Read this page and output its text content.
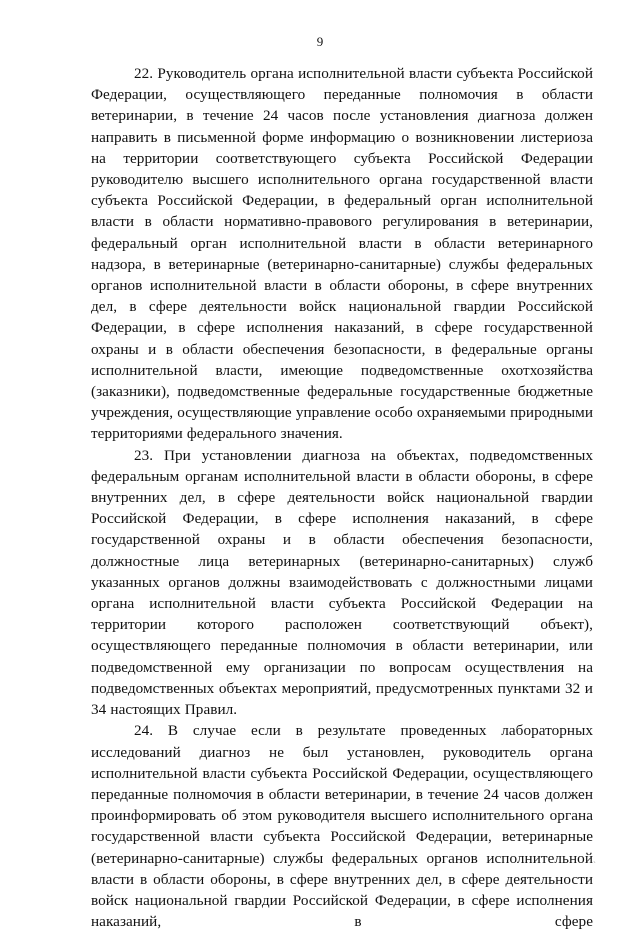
9

22. Руководитель органа исполнительной власти субъекта Российской Федерации, осуществляющего переданные полномочия в области ветеринарии, в течение 24 часов после установления диагноза должен направить в письменной форме информацию о возникновении листериоза на территории соответствующего субъекта Российской Федерации руководителю высшего исполнительного органа государственной власти субъекта Российской Федерации, в федеральный орган исполнительной власти в области нормативно-правового регулирования в ветеринарии, федеральный орган исполнительной власти в области ветеринарного надзора, в ветеринарные (ветеринарно-санитарные) службы федеральных органов исполнительной власти в области обороны, в сфере внутренних дел, в сфере деятельности войск национальной гвардии Российской Федерации, в сфере исполнения наказаний, в сфере государственной охраны и в области обеспечения безопасности, в федеральные органы исполнительной власти, имеющие подведомственные охотхозяйства (заказники), подведомственные федеральные государственные бюджетные учреждения, осуществляющие управление особо охраняемыми природными территориями федерального значения.

23. При установлении диагноза на объектах, подведомственных федеральным органам исполнительной власти в области обороны, в сфере внутренних дел, в сфере деятельности войск национальной гвардии Российской Федерации, в сфере исполнения наказаний, в сфере государственной охраны и в области обеспечения безопасности, должностные лица ветеринарных (ветеринарно-санитарных) служб указанных органов должны взаимодействовать с должностными лицами органа исполнительной власти субъекта Российской Федерации на территории которого расположен соответствующий объект), осуществляющего переданные полномочия в области ветеринарии, или подведомственной ему организации по вопросам осуществления на подведомственных объектах мероприятий, предусмотренных пунктами 32 и 34 настоящих Правил.

24. В случае если в результате проведенных лабораторных исследований диагноз не был установлен, руководитель органа исполнительной власти субъекта Российской Федерации, осуществляющего переданные полномочия в области ветеринарии, в течение 24 часов должен проинформировать об этом руководителя высшего исполнительного органа государственной власти субъекта Российской Федерации, ветеринарные (ветеринарно-санитарные) службы федеральных органов исполнительной власти в области обороны, в сфере внутренних дел, в сфере деятельности войск национальной гвардии Российской Федерации, в сфере исполнения наказаний, в сфере

`
